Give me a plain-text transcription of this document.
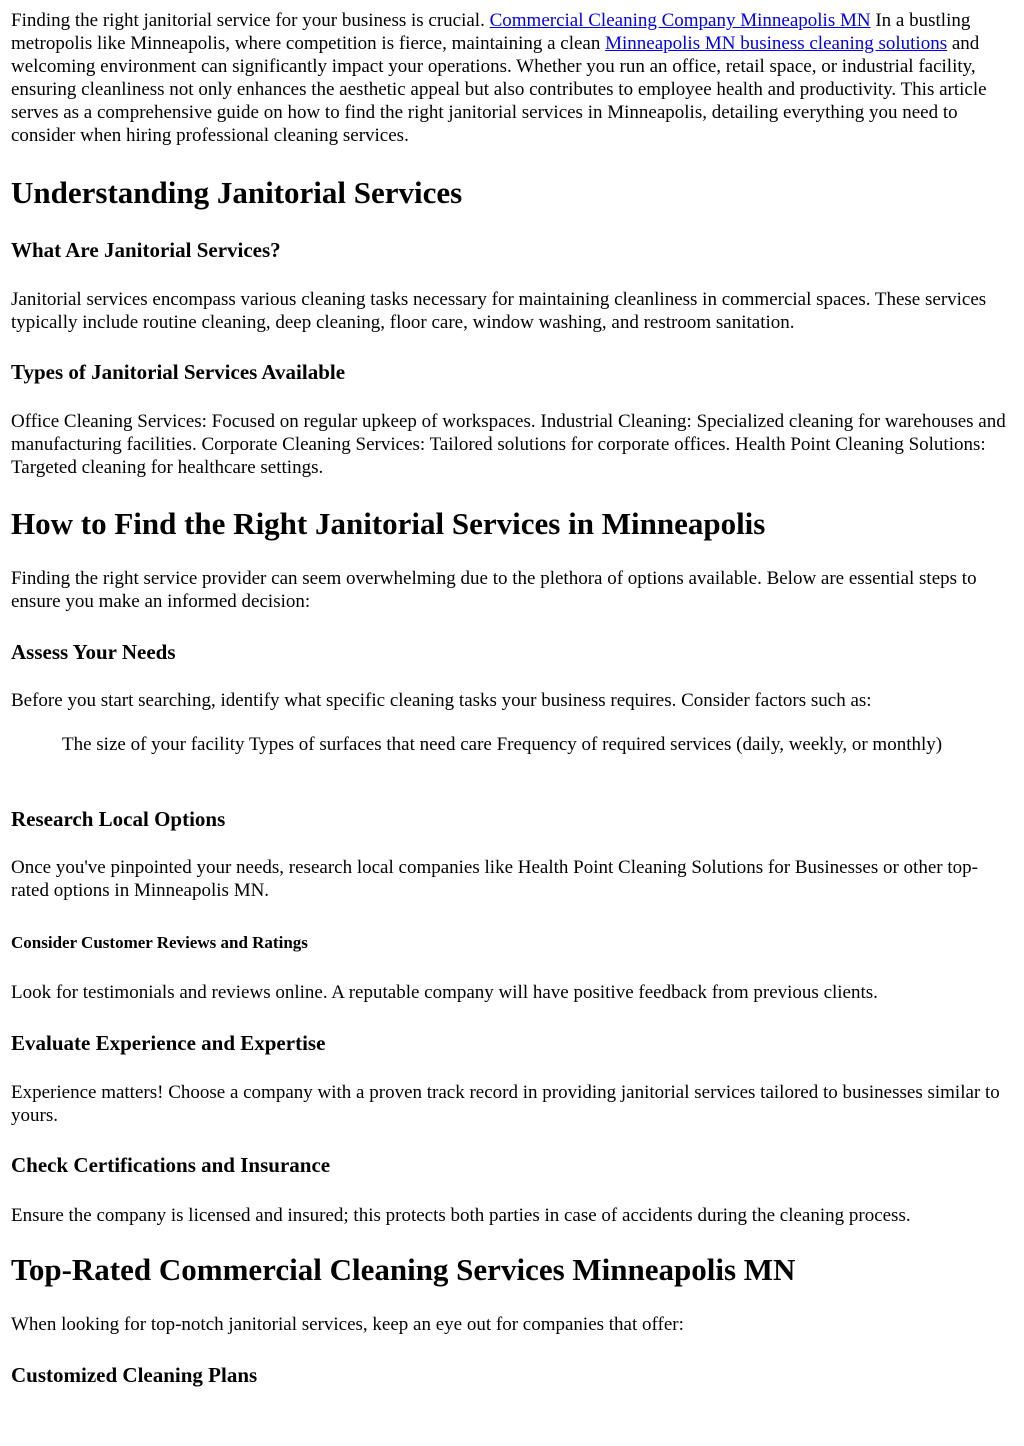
Finding the right janitorial service for your business is crucial. Commercial Cleaning Company Minneapolis MN In a bustling metropolis like Minneapolis, where competition is fierce, maintaining a clean Minneapolis MN business cleaning solutions and welcoming environment can significantly impact your operations. Whether you run an office, retail space, or industrial facility, ensuring cleanliness not only enhances the aesthetic appeal but also contributes to employee health and productivity. This article serves as a comprehensive guide on how to find the right janitorial services in Minneapolis, detailing everything you need to consider when hiring professional cleaning services.

Understanding Janitorial Services
What Are Janitorial Services?

Janitorial services encompass various cleaning tasks necessary for maintaining cleanliness in commercial spaces. These services typically include routine cleaning, deep cleaning, floor care, window washing, and restroom sanitation.

Types of Janitorial Services Available

Office Cleaning Services: Focused on regular upkeep of workspaces. Industrial Cleaning: Specialized cleaning for warehouses and manufacturing facilities. Corporate Cleaning Services: Tailored solutions for corporate offices. Health Point Cleaning Solutions: Targeted cleaning for healthcare settings.

How to Find the Right Janitorial Services in Minneapolis

Finding the right service provider can seem overwhelming due to the plethora of options available. Below are essential steps to ensure you make an informed decision:

Assess Your Needs

Before you start searching, identify what specific cleaning tasks your business requires. Consider factors such as:

The size of your facility Types of surfaces that need care Frequency of required services (daily, weekly, or monthly)

Research Local Options

Once you've pinpointed your needs, research local companies like Health Point Cleaning Solutions for Businesses or other top-rated options in Minneapolis MN.

Consider Customer Reviews and Ratings

Look for testimonials and reviews online. A reputable company will have positive feedback from previous clients.

Evaluate Experience and Expertise

Experience matters! Choose a company with a proven track record in providing janitorial services tailored to businesses similar to yours.

Check Certifications and Insurance

Ensure the company is licensed and insured; this protects both parties in case of accidents during the cleaning process.

Top-Rated Commercial Cleaning Services Minneapolis MN

When looking for top-notch janitorial services, keep an eye out for companies that offer:

Customized Cleaning Plans
